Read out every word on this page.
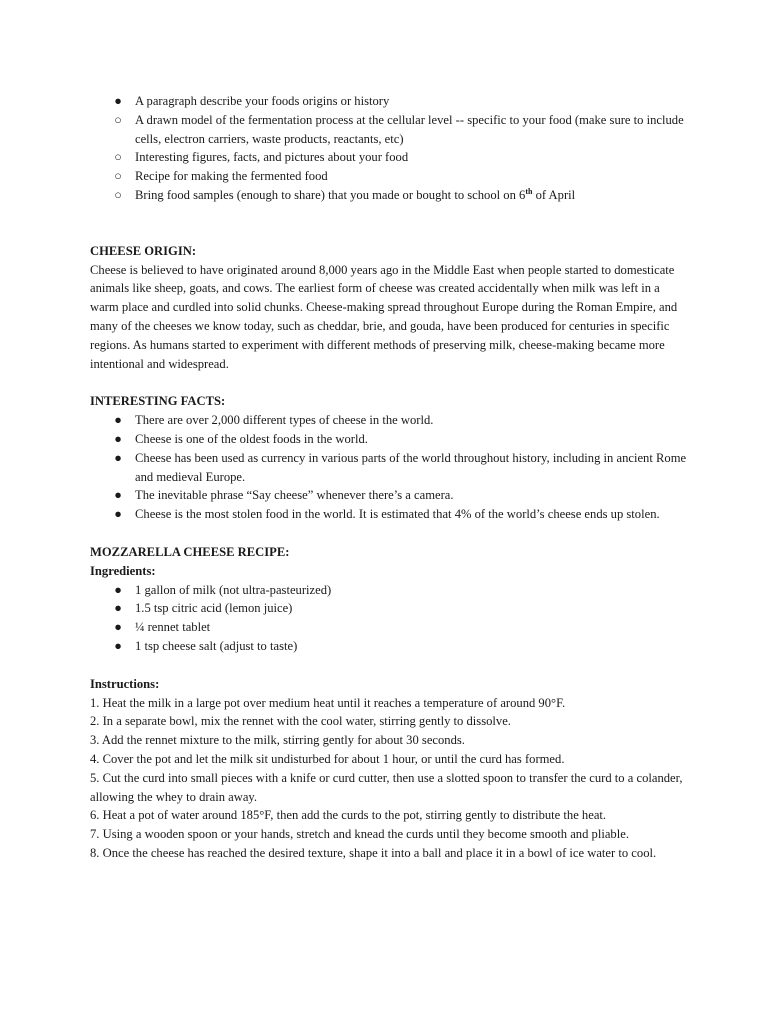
● A paragraph describe your foods origins or history
○ A drawn model of the fermentation process at the cellular level -- specific to your food (make sure to include cells, electron carriers, waste products, reactants, etc)
○ Interesting figures, facts, and pictures about your food
○ Recipe for making the fermented food
○ Bring food samples (enough to share) that you made or bought to school on 6th of April
CHEESE ORIGIN:

Cheese is believed to have originated around 8,000 years ago in the Middle East when people started to domesticate animals like sheep, goats, and cows. The earliest form of cheese was created accidentally when milk was left in a warm place and curdled into solid chunks. Cheese-making spread throughout Europe during the Roman Empire, and many of the cheeses we know today, such as cheddar, brie, and gouda, have been produced for centuries in specific regions. As humans started to experiment with different methods of preserving milk, cheese-making became more intentional and widespread.

INTERESTING FACTS:
● There are over 2,000 different types of cheese in the world.
● Cheese is one of the oldest foods in the world.
● Cheese has been used as currency in various parts of the world throughout history, including in ancient Rome and medieval Europe.
● The inevitable phrase “Say cheese” whenever there’s a camera.
● Cheese is the most stolen food in the world. It is estimated that 4% of the world’s cheese ends up stolen.
MOZZARELLA CHEESE RECIPE:
Ingredients:
● 1 gallon of milk (not ultra-pasteurized)
● 1.5 tsp citric acid (lemon juice)
● ¼ rennet tablet
● 1 tsp cheese salt (adjust to taste)
Instructions:

1. Heat the milk in a large pot over medium heat until it reaches a temperature of around 90°F.

2. In a separate bowl, mix the rennet with the cool water, stirring gently to dissolve.

3. Add the rennet mixture to the milk, stirring gently for about 30 seconds.

4. Cover the pot and let the milk sit undisturbed for about 1 hour, or until the curd has formed.

5. Cut the curd into small pieces with a knife or curd cutter, then use a slotted spoon to transfer the curd to a colander, allowing the whey to drain away.

6. Heat a pot of water around 185°F, then add the curds to the pot, stirring gently to distribute the heat.

7. Using a wooden spoon or your hands, stretch and knead the curds until they become smooth and pliable.

8. Once the cheese has reached the desired texture, shape it into a ball and place it in a bowl of ice water to cool.
